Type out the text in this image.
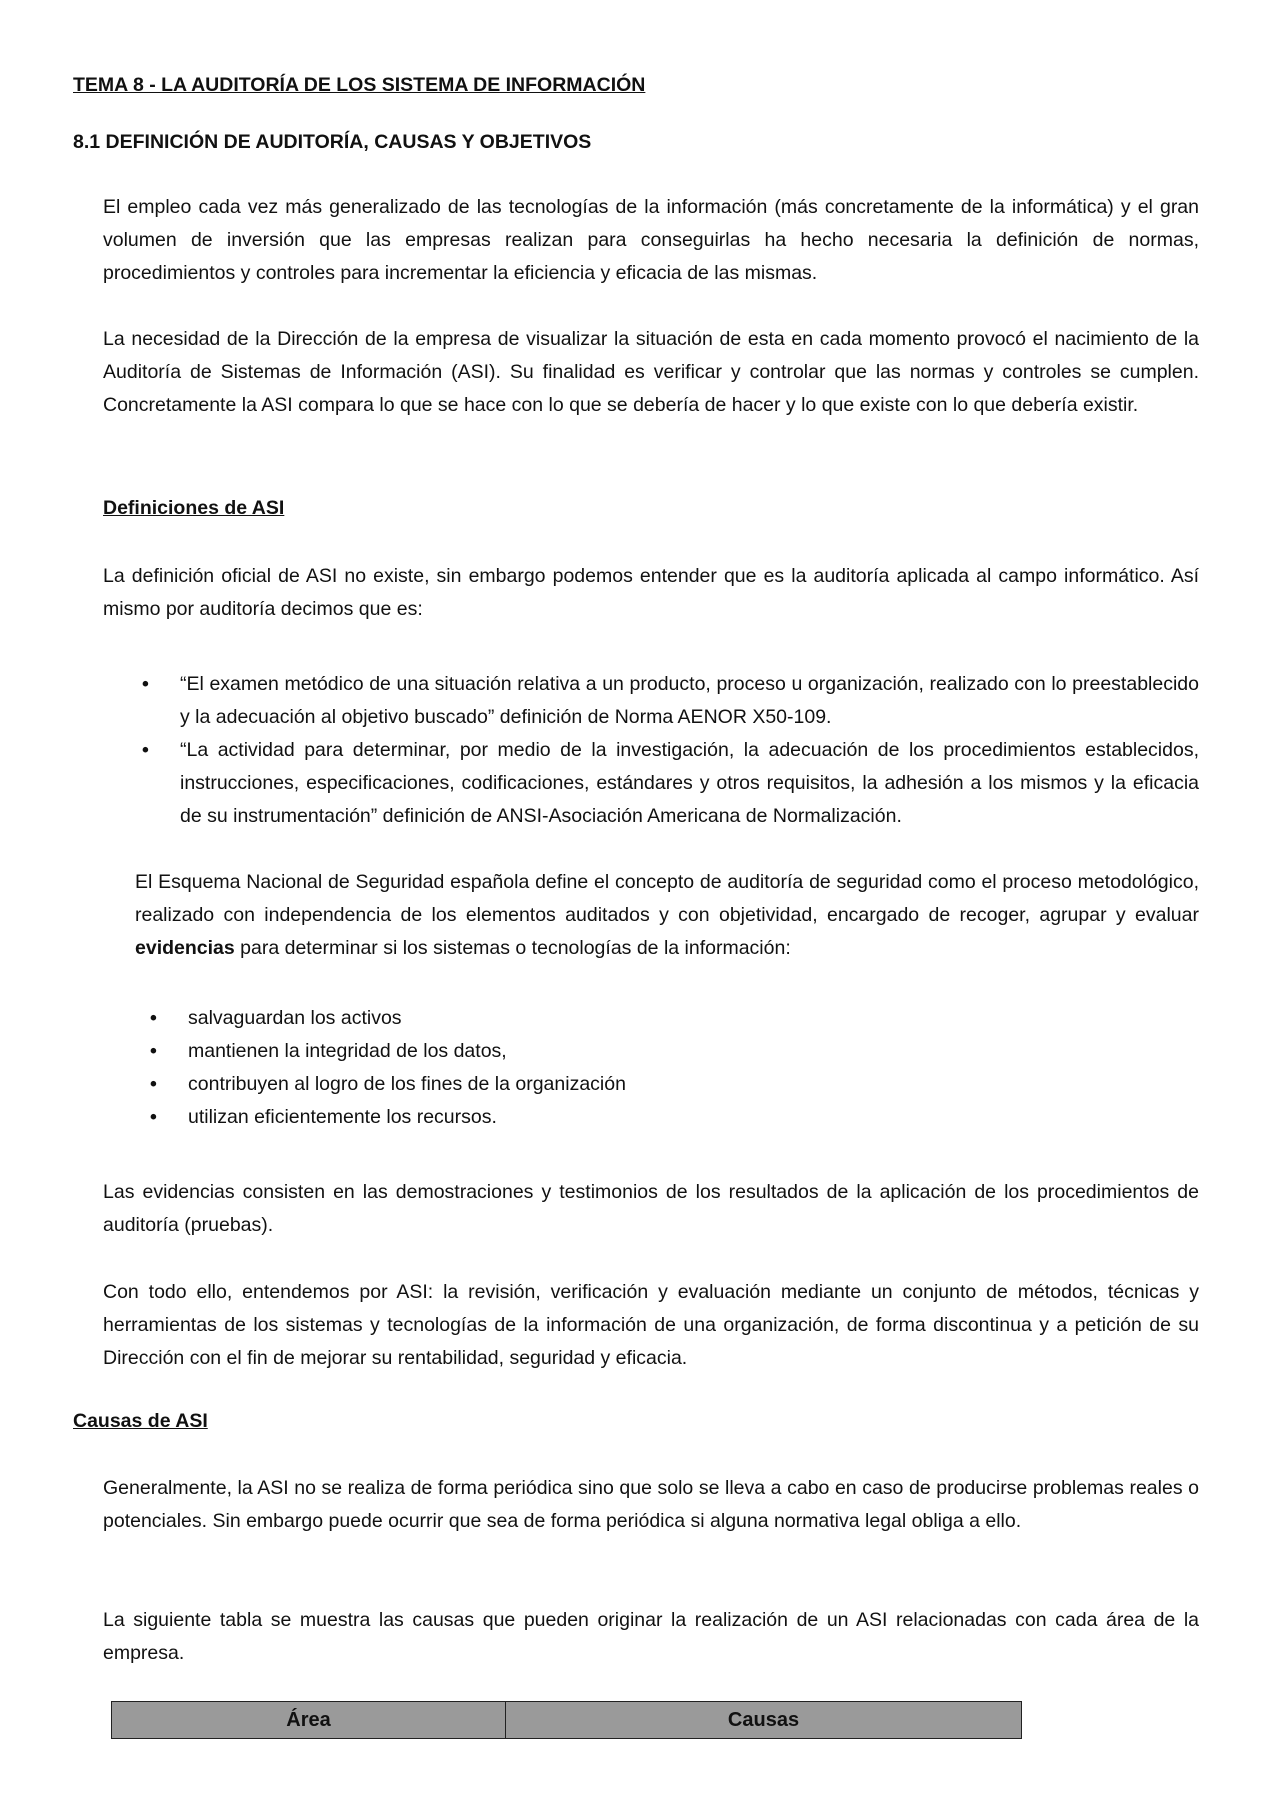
TEMA 8 - LA AUDITORÍA DE LOS SISTEMA DE INFORMACIÓN
8.1 DEFINICIÓN DE AUDITORÍA, CAUSAS Y OBJETIVOS

El empleo cada vez más generalizado de las tecnologías de la información (más concretamente de la informática) y el gran volumen de inversión que las empresas realizan para conseguirlas ha hecho necesaria la definición de normas, procedimientos y controles para incrementar la eficiencia y eficacia de las mismas.

La necesidad de la Dirección de la empresa de visualizar la situación de esta en cada momento provocó el nacimiento de la Auditoría de Sistemas de Información (ASI). Su finalidad es verificar y controlar que las normas y controles se cumplen. Concretamente la ASI compara lo que se hace con lo que se debería de hacer y lo que existe con lo que debería existir.

Definiciones de ASI

La definición oficial de ASI no existe, sin embargo podemos entender que es la auditoría aplicada al campo informático. Así mismo por auditoría decimos que es:

• “El examen metódico de una situación relativa a un producto, proceso u organización, realizado con lo preestablecido y la adecuación al objetivo buscado” definición de Norma AENOR X50-109.
• “La actividad para determinar, por medio de la investigación, la adecuación de los procedimientos establecidos, instrucciones, especificaciones, codificaciones, estándares y otros requisitos, la adhesión a los mismos y la eficacia de su instrumentación” definición de ANSI-Asociación Americana de Normalización.

El Esquema Nacional de Seguridad española define el concepto de auditoría de seguridad como el proceso metodológico, realizado con independencia de los elementos auditados y con objetividad, encargado de recoger, agrupar y evaluar evidencias para determinar si los sistemas o tecnologías de la información:

• salvaguardan los activos
• mantienen la integridad de los datos,
• contribuyen al logro de los fines de la organización
• utilizan eficientemente los recursos.

Las evidencias consisten en las demostraciones y testimonios de los resultados de la aplicación de los procedimientos de auditoría (pruebas).

Con todo ello, entendemos por ASI: la revisión, verificación y evaluación mediante un conjunto de métodos, técnicas y herramientas de los sistemas y tecnologías de la información de una organización, de forma discontinua y a petición de su Dirección con el fin de mejorar su rentabilidad, seguridad y eficacia.

Causas de ASI

Generalmente, la ASI no se realiza de forma periódica sino que solo se lleva a cabo en caso de producirse problemas reales o potenciales. Sin embargo puede ocurrir que sea de forma periódica si alguna normativa legal obliga a ello.

La siguiente tabla se muestra las causas que pueden originar la realización de un ASI relacionadas con cada área de la empresa.

Área	Causas
